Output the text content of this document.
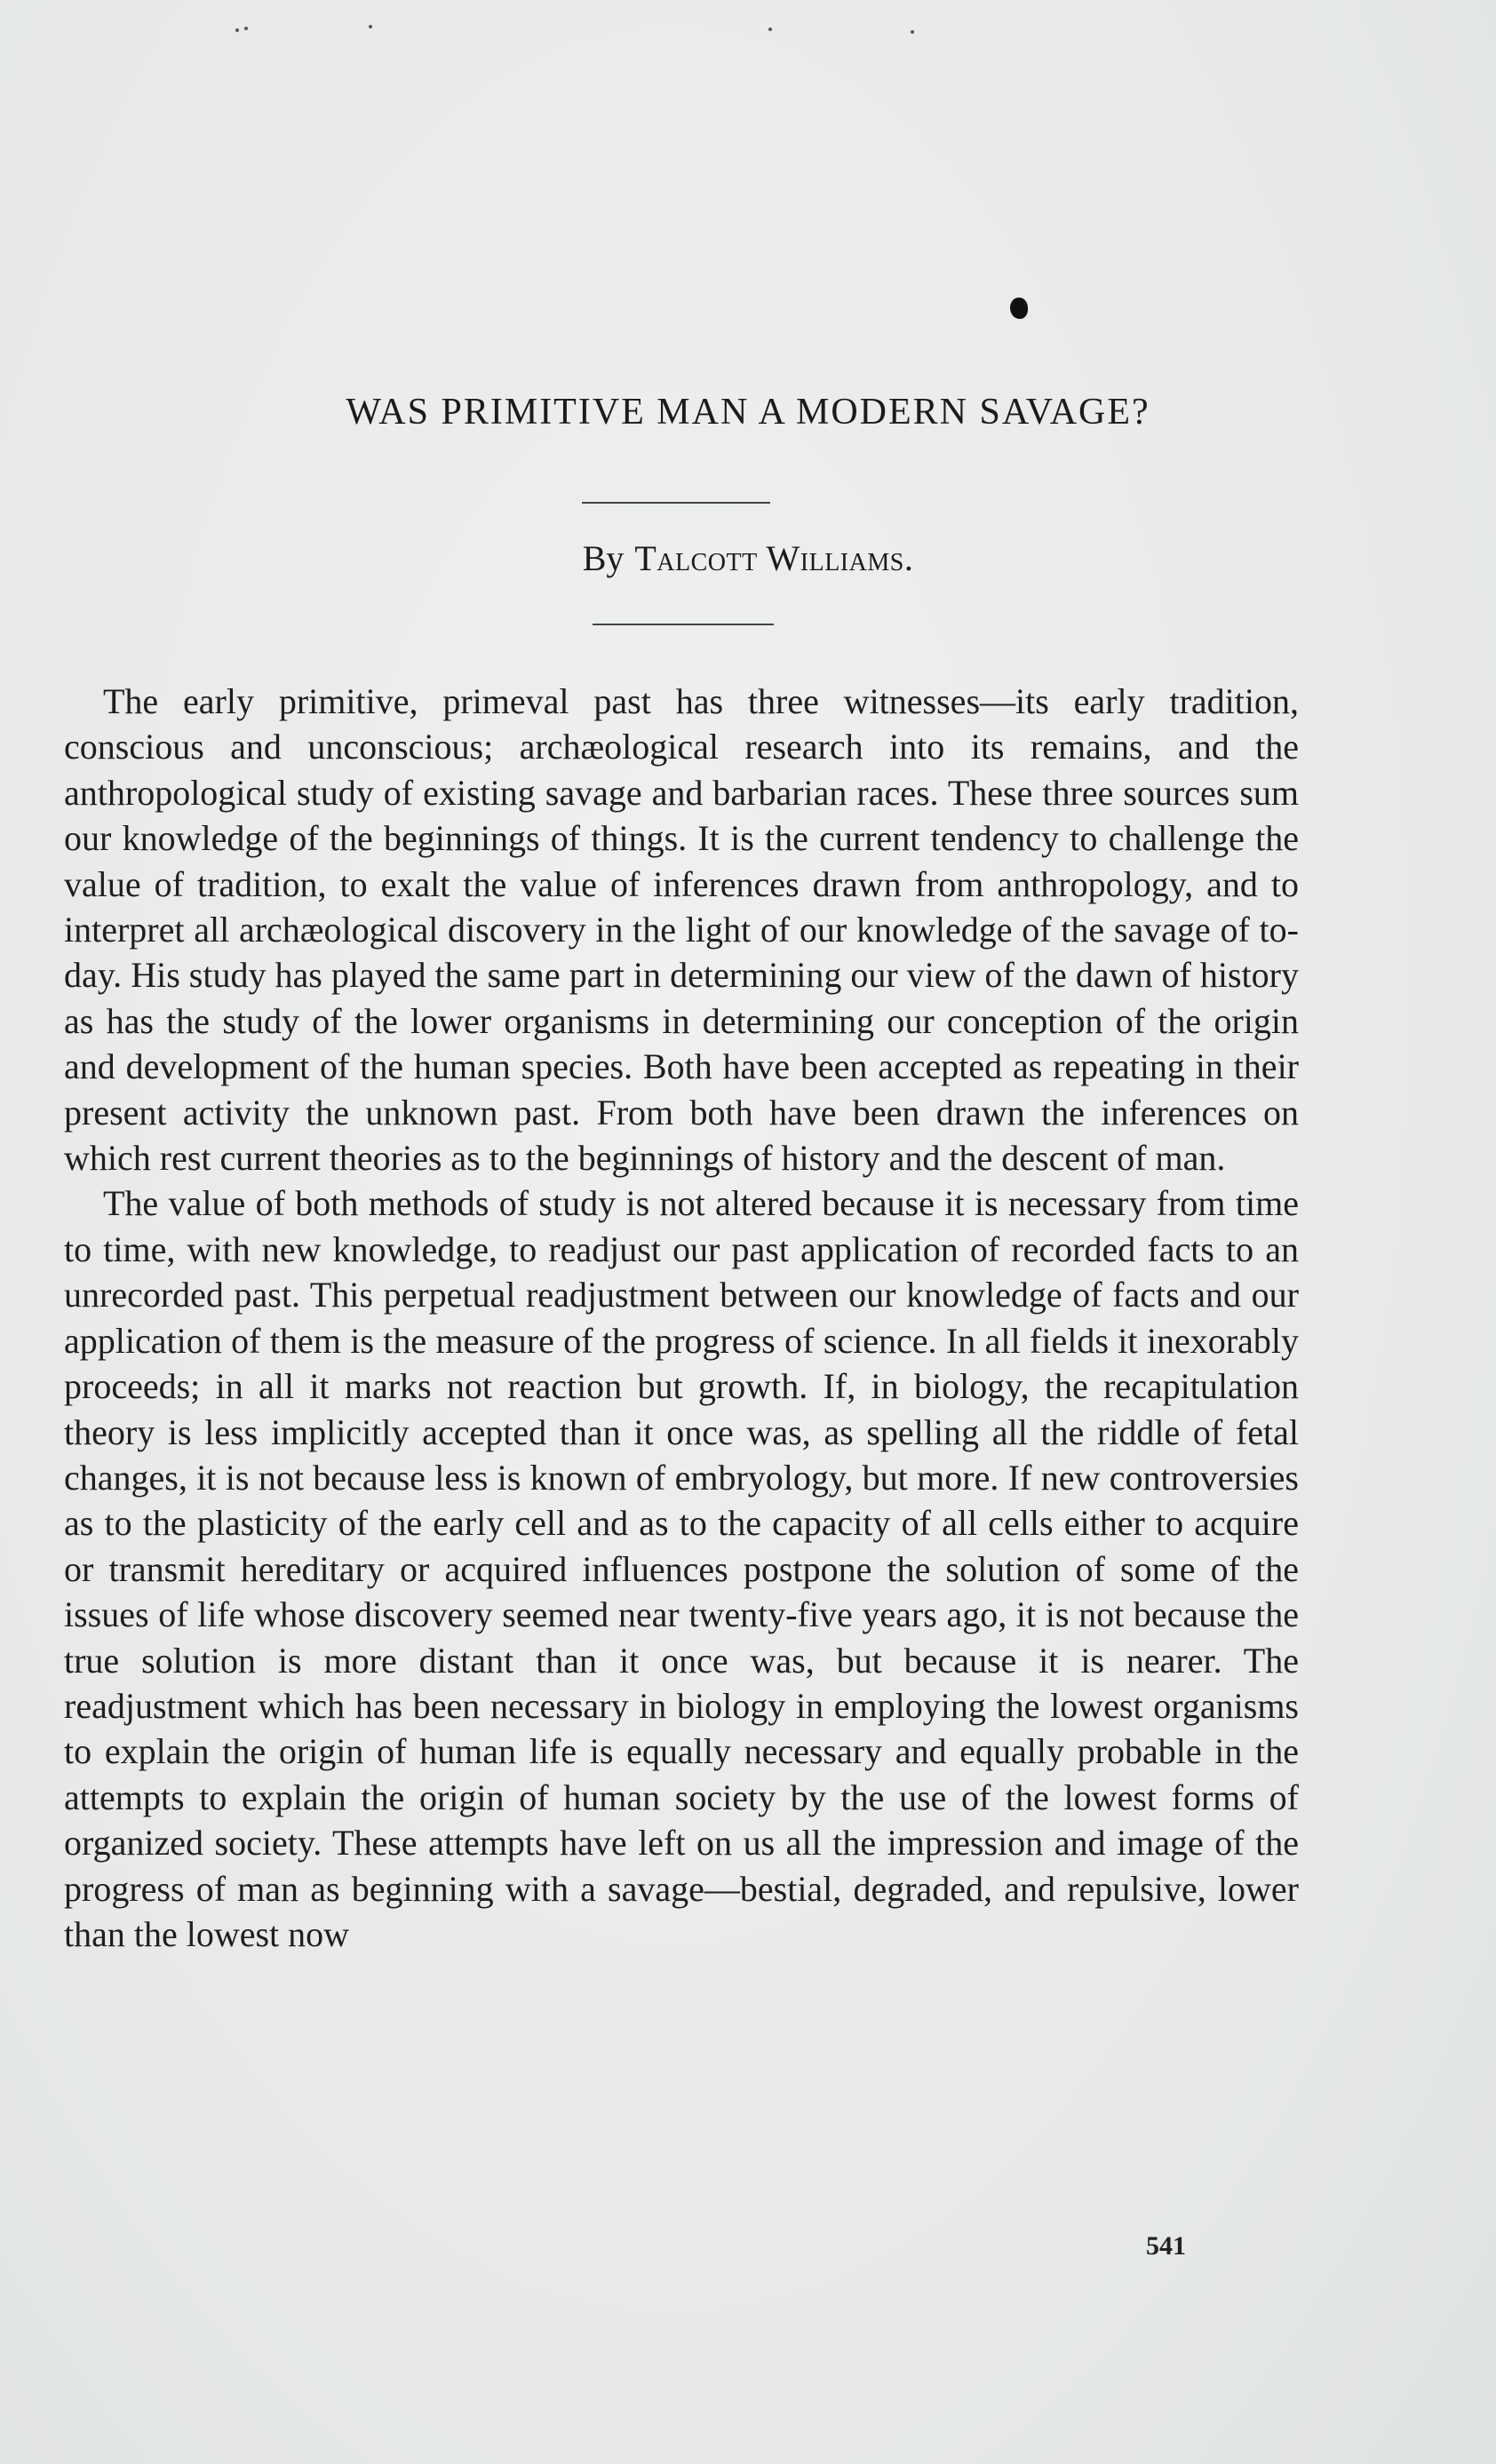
WAS PRIMITIVE MAN A MODERN SAVAGE?
By Talcott Williams.

The early primitive, primeval past has three witnesses—its early tradition, conscious and unconscious; archæological research into its remains, and the anthropological study of existing savage and barbarian races. These three sources sum our knowledge of the beginnings of things. It is the current tendency to challenge the value of tradition, to exalt the value of inferences drawn from anthropology, and to interpret all archæological discovery in the light of our knowledge of the savage of to-day. His study has played the same part in determining our view of the dawn of history as has the study of the lower organisms in determining our conception of the origin and development of the human species. Both have been accepted as repeating in their present activity the unknown past. From both have been drawn the inferences on which rest current theories as to the beginnings of history and the descent of man.

The value of both methods of study is not altered because it is necessary from time to time, with new knowledge, to readjust our past application of recorded facts to an unrecorded past. This perpetual readjustment between our knowledge of facts and our application of them is the measure of the progress of science. In all fields it inexorably proceeds; in all it marks not reaction but growth. If, in biology, the recapitulation theory is less implicitly accepted than it once was, as spelling all the riddle of fetal changes, it is not because less is known of embryology, but more. If new controversies as to the plasticity of the early cell and as to the capacity of all cells either to acquire or transmit hereditary or acquired influences postpone the solution of some of the issues of life whose discovery seemed near twenty-five years ago, it is not because the true solution is more distant than it once was, but because it is nearer. The readjustment which has been necessary in biology in employing the lowest organisms to explain the origin of human life is equally necessary and equally probable in the attempts to explain the origin of human society by the use of the lowest forms of organized society. These attempts have left on us all the impression and image of the progress of man as beginning with a savage—bestial, degraded, and repulsive, lower than the lowest now

541
